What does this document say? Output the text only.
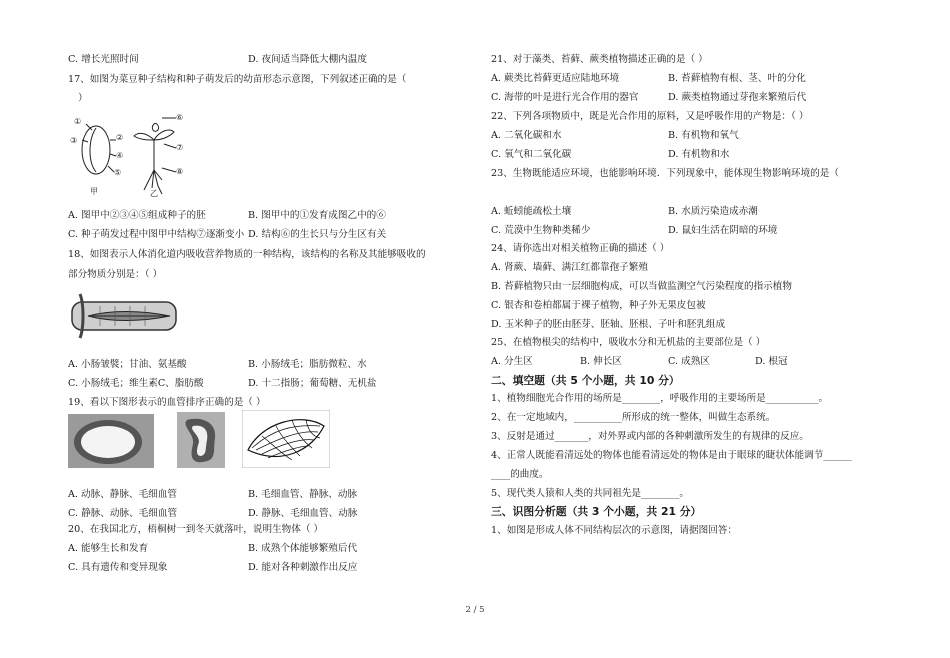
C. 增长光照时间	D. 夜间适当降低大棚内温度
17、如图为菜豆种子结构和种子萌发后的幼苗形态示意图，下列叙述正确的是（
）
①
②
③
④
⑤
⑥
⑦
⑧
甲	乙
A. 图甲中②③④⑤组成种子的胚	B. 图甲中的①发育成图乙中的⑥
C. 种子萌发过程中图甲中结构⑦逐渐变小 D. 结构⑥的生长只与分生区有关
18、如图表示人体消化道内吸收营养物质的一种结构，该结构的名称及其能够吸收的
部分物质分别是：（ ）
A. 小肠皱襞；甘油、氨基酸	B. 小肠绒毛；脂肪微粒、水
C. 小肠绒毛；维生素C、脂肪酸	D. 十二指肠；葡萄糖、无机盐
19、看以下图形表示的血管排序正确的是（ ）
A. 动脉、静脉、毛细血管	B. 毛细血管、静脉、动脉
C. 静脉、动脉、毛细血管	D. 静脉、毛细血管、动脉
20、在我国北方，梧桐树一到冬天就落叶，说明生物体（ ）
A. 能够生长和发育	B. 成熟个体能够繁殖后代
C. 具有遗传和变异现象	D. 能对各种刺激作出反应
21、对于藻类、苔藓、蕨类植物描述正确的是（ ）
A. 蕨类比苔藓更适应陆地环境	B. 苔藓植物有根、茎、叶的分化
C. 海带的叶是进行光合作用的器官	D. 蕨类植物通过芽孢来繁殖后代
22、下列各项物质中，既是光合作用的原料，又是呼吸作用的产物是：（ ）
A. 二氧化碳和水	B. 有机物和氧气
C. 氧气和二氧化碳	D. 有机物和水
23、生物既能适应环境，也能影响环境．下列现象中，能体现生物影响环境的是（
A. 蚯蚓能疏松土壤	B. 水质污染造成赤潮
C. 荒漠中生物种类稀少	D. 鼠妇生活在阴暗的环境
24、请你选出对相关植物正确的描述（ ）
A. 肾蕨、墙藓、满江红都靠孢子繁殖
B. 苔藓植物只由一层细胞构成，可以当做监测空气污染程度的指示植物
C. 银杏和卷柏都属于裸子植物，种子外无果皮包被
D. 玉米种子的胚由胚芽、胚轴、胚根、子叶和胚乳组成
25、在植物根尖的结构中，吸收水分和无机盐的主要部位是（ ）
A. 分生区	B. 伸长区	C. 成熟区	D. 根冠
二、填空题（共 5 个小题，共 10 分）
1、植物细胞光合作用的场所是________，呼吸作用的主要场所是___________。
2、在一定地域内，__________所形成的统一整体，叫做生态系统。
3、反射是通过_______，对外界或内部的各种刺激所发生的有规律的反应。
4、正常人既能看清远处的物体也能看清远处的物体是由于眼球的睫状体能调节______
____的曲度。
5、现代类人猿和人类的共同祖先是________。
三、识图分析题（共 3 个小题，共 21 分）
1、如图是形成人体不同结构层次的示意图，请据图回答：
2 / 5
